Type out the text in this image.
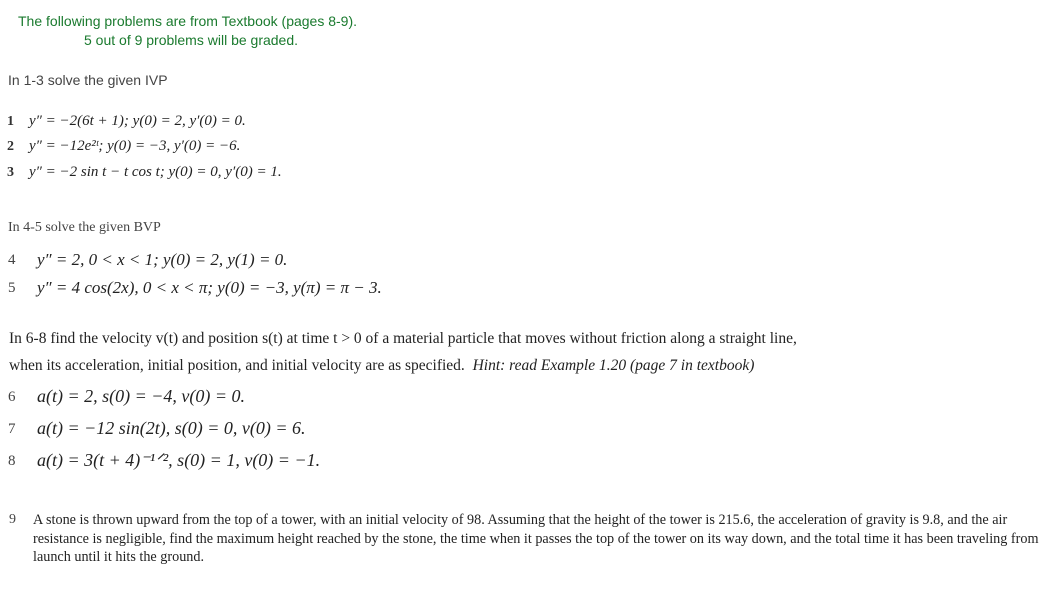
The following problems are from Textbook (pages 8-9).
5 out of 9 problems will be graded.
In 1-3 solve the given IVP
1 y″ = −2(6t + 1); y(0) = 2, y′(0) = 0.
2 y″ = −12e²ᵗ; y(0) = −3, y′(0) = −6.
3 y″ = −2 sin t − t cos t; y(0) = 0, y′(0) = 1.
In 4-5 solve the given BVP
4 y″ = 2, 0 < x < 1; y(0) = 2, y(1) = 0.
5 y″ = 4 cos(2x), 0 < x < π; y(0) = −3, y(π) = π − 3.
In 6-8 find the velocity v(t) and position s(t) at time t > 0 of a material particle that moves without friction along a straight line,
when its acceleration, initial position, and initial velocity are as specified. Hint: read Example 1.20 (page 7 in textbook)
6 a(t) = 2, s(0) = −4, v(0) = 0.
7 a(t) = −12 sin(2t), s(0) = 0, v(0) = 6.
8 a(t) = 3(t + 4)⁻¹ᐟ², s(0) = 1, v(0) = −1.
9 A stone is thrown upward from the top of a tower, with an initial velocity of 98. Assuming that the height of the tower is 215.6, the acceleration of gravity is 9.8, and the air resistance is negligible, find the maximum height reached by the stone, the time when it passes the top of the tower on its way down, and the total time it has been traveling from launch until it hits the ground.
